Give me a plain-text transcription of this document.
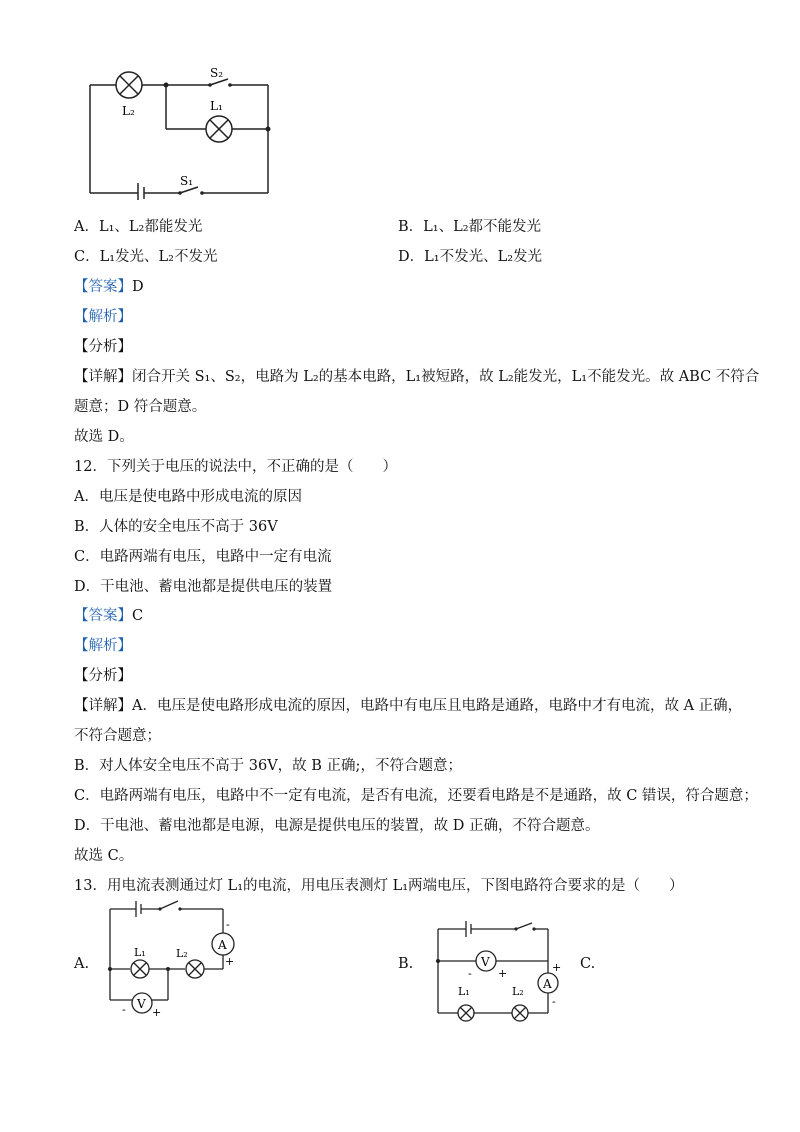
S₂
L₁
L₂
S₁
A．L₁、L₂都能发光	B．L₁、L₂都不能发光
C．L₁发光、L₂不发光	D．L₁不发光、L₂发光
【答案】D
【解析】
【分析】
【详解】闭合开关 S₁、S₂，电路为 L₂的基本电路，L₁被短路，故 L₂能发光，L₁不能发光。故 ABC 不符合
题意；D 符合题意。
故选 D。
12．下列关于电压的说法中，不正确的是（　　）
A．电压是使电路中形成电流的原因
B．人体的安全电压不高于 36V
C．电路两端有电压，电路中一定有电流
D．干电池、蓄电池都是提供电压的装置
【答案】C
【解析】
【分析】
【详解】A．电压是使电路形成电流的原因，电路中有电压且电路是通路，电路中才有电流，故 A 正确，
不符合题意；
B．对人体安全电压不高于 36V，故 B 正确;，不符合题意；
C．电路两端有电压，电路中不一定有电流，是否有电流，还要看电路是不是通路，故 C 错误，符合题意；
D．干电池、蓄电池都是电源，电源是提供电压的装置，故 D 正确，不符合题意。
故选 C。
13．用电流表测通过灯 L₁的电流，用电压表测灯 L₁两端电压，下图电路符合要求的是（　　）
A.	B.	C.
A
-
+
L₁	L₂
V
- +
V
- +
A
+
-
L₁	L₂
